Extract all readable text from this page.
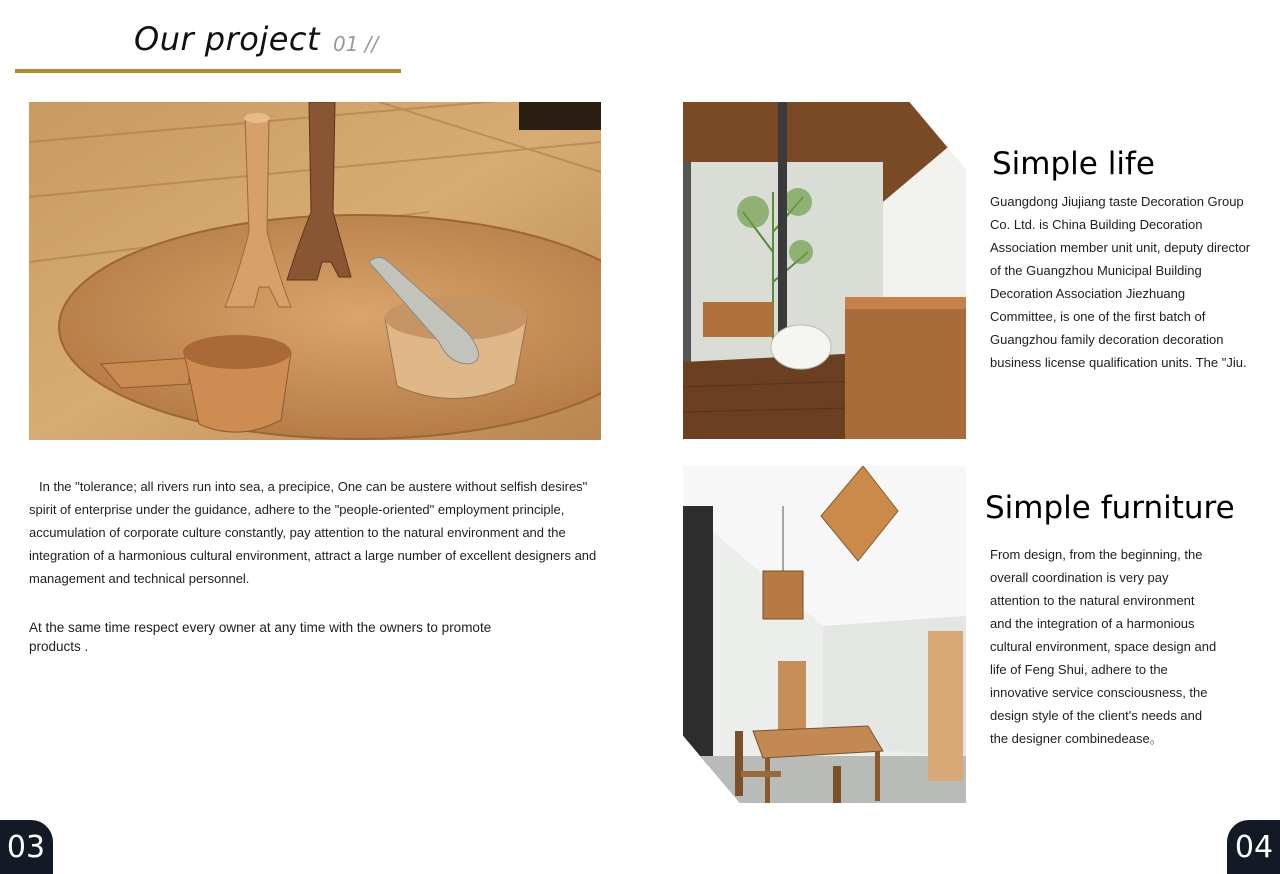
Our project 01 //
In the "tolerance; all rivers run into sea, a precipice, One can be austere without selfish desires"
spirit of enterprise under the guidance, adhere to the "people-oriented" employment principle,
accumulation of corporate culture constantly, pay attention to the natural environment and the
integration of a harmonious cultural environment, attract a large number of excellent designers and
management and technical personnel.
At the same time respect every owner at any time with the owners to promote
products .
Simple life
Guangdong Jiujiang taste Decoration Group
Co. Ltd. is China Building Decoration
Association member unit unit, deputy director
of the Guangzhou Municipal Building
Decoration Association Jiezhuang
Committee, is one of the first batch of
Guangzhou family decoration decoration
business license qualification units. The "Jiu.
Simple furniture
From design, from the beginning, the
overall coordination is very pay
attention to the natural environment
and the integration of a harmonious
cultural environment, space design and
life of Feng Shui, adhere to the
innovative service consciousness, the
design style of the client's needs and
the designer combinedease。
03	04
